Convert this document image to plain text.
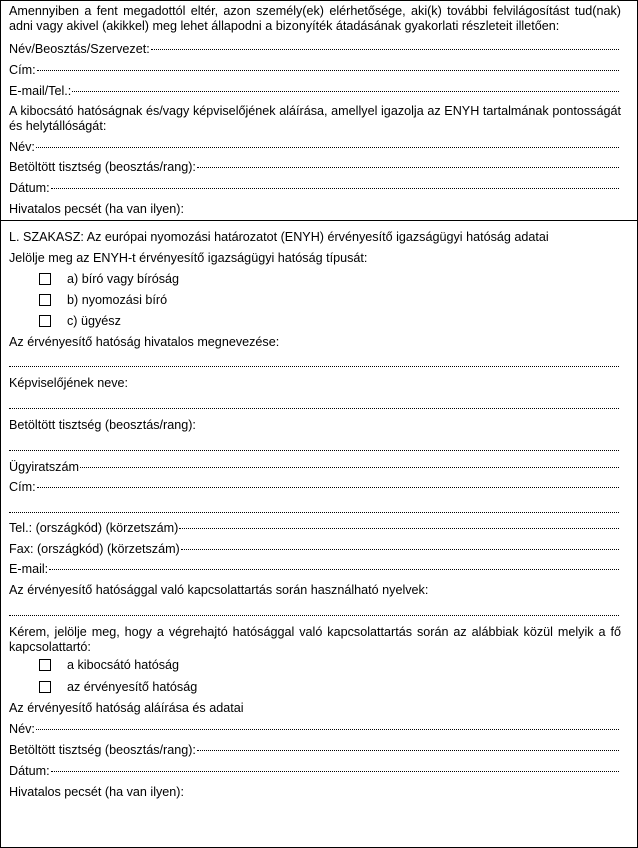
Amennyiben a fent megadottól eltér, azon személy(ek) elérhetősége, aki(k) további felvilágosítást tud(nak) adni vagy akivel (akikkel) meg lehet állapodni a bizonyíték átadásának gyakorlati részleteit illetően:
Név/Beosztás/Szervezet:
Cím:
E-mail/Tel.:
A kibocsátó hatóságnak és/vagy képviselőjének aláírása, amellyel igazolja az ENYH tartalmának pontosságát és helytállóságát:
Név:
Betöltött tisztség (beosztás/rang):
Dátum:
Hivatalos pecsét (ha van ilyen):
L. SZAKASZ: Az európai nyomozási határozatot (ENYH) érvényesítő igazságügyi hatóság adatai
Jelölje meg az ENYH-t érvényesítő igazságügyi hatóság típusát:
a) bíró vagy bíróság
b) nyomozási bíró
c) ügyész
Az érvényesítő hatóság hivatalos megnevezése:
Képviselőjének neve:
Betöltött tisztség (beosztás/rang):
Ügyiratszám
Cím:
Tel.: (országkód) (körzetszám)
Fax: (országkód) (körzetszám)
E-mail:
Az érvényesítő hatósággal való kapcsolattartás során használható nyelvek:
Kérem, jelölje meg, hogy a végrehajtó hatósággal való kapcsolattartás során az alábbiak közül melyik a fő kapcsolattartó:
a kibocsátó hatóság
az érvényesítő hatóság
Az érvényesítő hatóság aláírása és adatai
Név:
Betöltött tisztség (beosztás/rang):
Dátum:
Hivatalos pecsét (ha van ilyen):
